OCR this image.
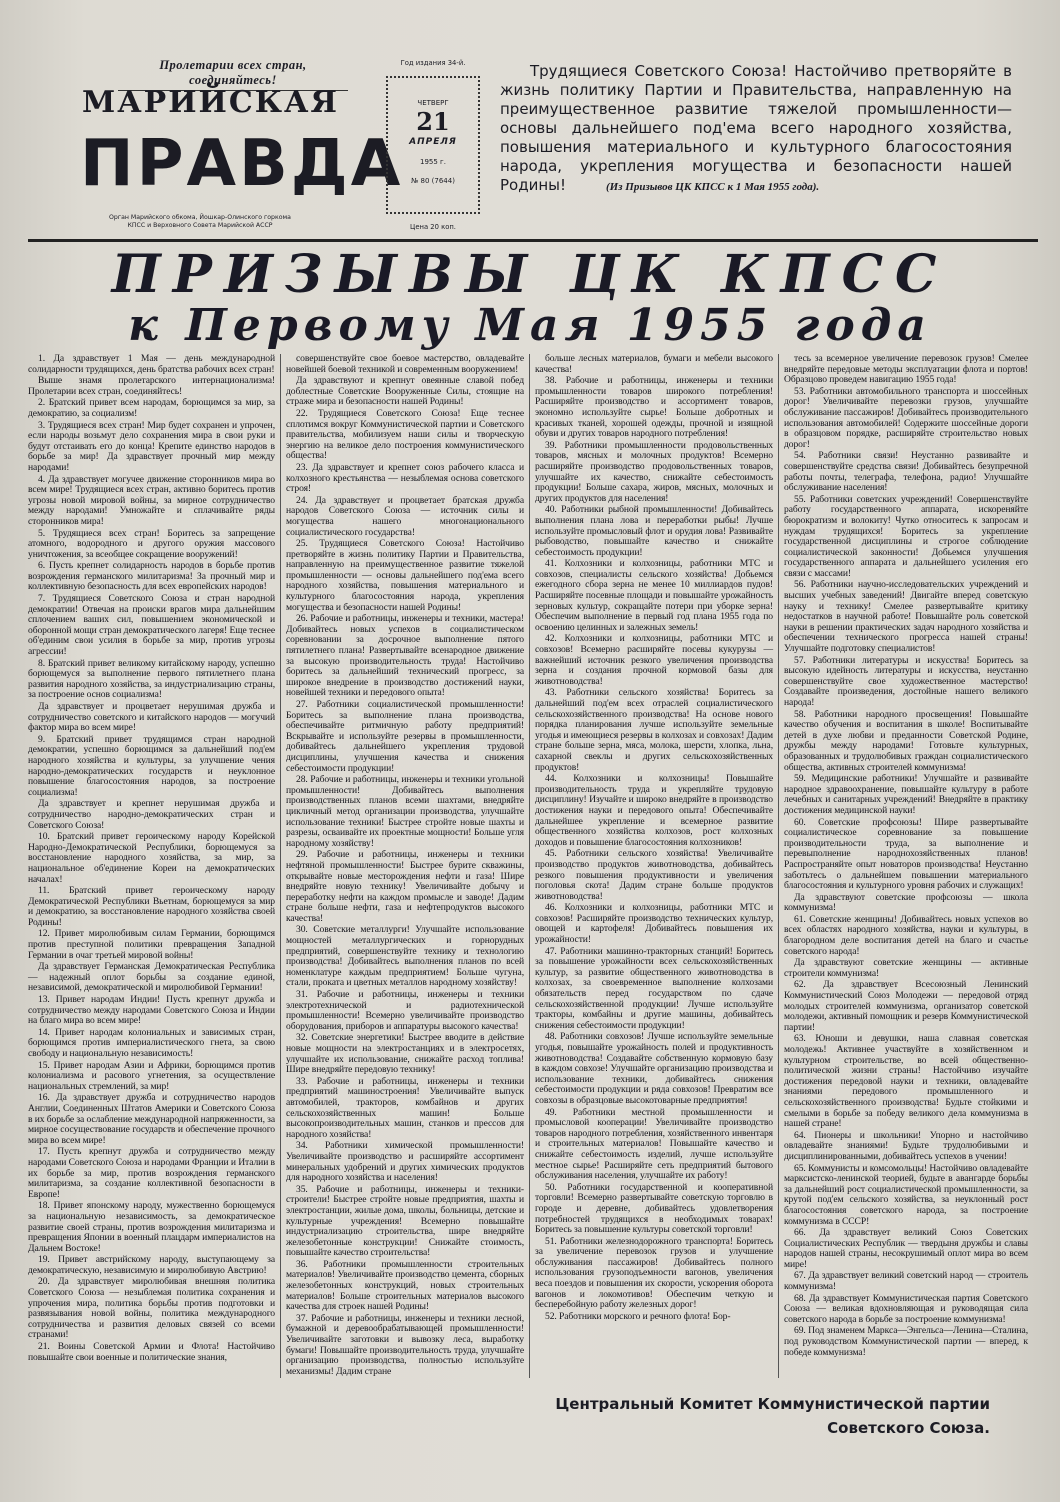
Пролетарии всех стран, соединяйтесь!
МАРИЙСКАЯ
ПРАВДА
Орган Марийского обкома, Йошкар-Олинского горкома КПСС и Верховного Совета Марийской АССР
Год издания 34-й.
ЧЕТВЕРГ
21
АПРЕЛЯ
1955 г.
№ 80 (7644)
Цена 20 коп.
Трудящиеся Советского Союза! Настойчиво претворяйте в жизнь политику Партии и Правительства, направленную на преимущественное развитие тяжелой промышленности—основы дальнейшего под'ема всего народного хозяйства, повышения материального и культурного благосостояния народа, укрепления могущества и безопасности нашей Родины!	(Из Призывов ЦК КПСС к 1 Мая 1955 года).
ПРИЗЫВЫ ЦК КПСС
к Первому Мая 1955 года

1. Да здравствует 1 Мая — день международной солидарности трудящихся, день братства рабочих всех стран!

Выше знамя пролетарского интернационализма! Пролетарии всех стран, соединяйтесь!

2. Братский привет всем народам, борющимся за мир, за демократию, за социализм!

3. Трудящиеся всех стран! Мир будет сохранен и упрочен, если народы возьмут дело сохранения мира в свои руки и будут отстаивать его до конца! Крепите единство народов в борьбе за мир! Да здравствует прочный мир между народами!

4. Да здравствует могучее движение сторонников мира во всем мире! Трудящиеся всех стран, активно боритесь против угрозы новой мировой войны, за мирное сотрудничество между народами! Умножайте и сплачивайте ряды сторонников мира!

5. Трудящиеся всех стран! Боритесь за запрещение атомного, водородного и другого оружия массового уничтожения, за всеобщее сокращение вооружений!

6. Пусть крепнет солидарность народов в борьбе против возрождения германского милитаризма! За прочный мир и коллективную безопасность для всех европейских народов!

7. Трудящиеся Советского Союза и стран народной демократии! Отвечая на происки врагов мира дальнейшим сплочением ваших сил, повышением экономической и оборонной мощи стран демократического лагеря! Еще теснее об'единим свои усилия в борьбе за мир, против угрозы агрессии!

8. Братский привет великому китайскому народу, успешно борющемуся за выполнение первого пятилетнего плана развития народного хозяйства, за индустриализацию страны, за построение основ социализма!

Да здравствует и процветает нерушимая дружба и сотрудничество советского и китайского народов — могучий фактор мира во всем мире!

9. Братский привет трудящимся стран народной демократии, успешно борющимся за дальнейший под'ем народного хозяйства и культуры, за улучшение чения народно-демократических государств и неуклонное повышение благосостояния народов, за построение социализма!

Да здравствует и крепнет нерушимая дружба и сотрудничество народно-демократических стран и Советского Союза!

10. Братский привет героическому народу Корейской Народно-Демократической Республики, борющемуся за восстановление народного хозяйства, за мир, за национальное об'единение Кореи на демократических началах!

11. Братский привет героическому народу Демократической Республики Вьетнам, борющемуся за мир и демократию, за восстановление народного хозяйства своей Родины!

12. Привет миролюбивым силам Германии, борющимся против преступной политики превращения Западной Германии в очаг третьей мировой войны!

Да здравствует Германская Демократическая Республика — надежный оплот борьбы за создание единой, независимой, демократической и миролюбивой Германии!

13. Привет народам Индии! Пусть крепнут дружба и сотрудничество между народами Советского Союза и Индии на благо мира во всем мире!

14. Привет народам колониальных и зависимых стран, борющимся против империалистического гнета, за свою свободу и национальную независимость!

15. Привет народам Азии и Африки, борющимся против колониализма и расового угнетения, за осуществление национальных стремлений, за мир!

16. Да здравствует дружба и сотрудничество народов Англии, Соединенных Штатов Америки и Советского Союза в их борьбе за ослабление международной напряженности, за мирное сосуществование государств и обеспечение прочного мира во всем мире!

17. Пусть крепнут дружба и сотрудничество между народами Советского Союза и народами Франции и Италии в их борьбе за мир, против возрождения германского милитаризма, за создание коллективной безопасности в Европе!

18. Привет японскому народу, мужественно борющемуся за национальную независимость, за демократическое развитие своей страны, против возрождения милитаризма и превращения Японии в военный плацдарм империалистов на Дальнем Востоке!

19. Привет австрийскому народу, выступающему за демократическую, независимую и миролюбивую Австрию!

20. Да здравствует миролюбивая внешняя политика Советского Союза — незыблемая политика сохранения и упрочения мира, политика борьбы против подготовки и развязывания новой войны, политика международного сотрудничества и развития деловых связей со всеми странами!

21. Воины Советской Армии и Флота! Настойчиво повышайте свои военные и политические знания,

совершенствуйте свое боевое мастерство, овладевайте новейшей боевой техникой и современным вооружением!

Да здравствуют и крепнут овеянные славой побед доблестные Советские Вооруженные Силы, стоящие на страже мира и безопасности нашей Родины!

22. Трудящиеся Советского Союза! Еще теснее сплотимся вокруг Коммунистической партии и Советского правительства, мобилизуем наши силы и творческую энергию на великое дело построения коммунистического общества!

23. Да здравствует и крепнет союз рабочего класса и колхозного крестьянства — незыблемая основа советского строя!

24. Да здравствует и процветает братская дружба народов Советского Союза — источник силы и могущества нашего многонационального социалистического государства!

25. Трудящиеся Советского Союза! Настойчиво претворяйте в жизнь политику Партии и Правительства, направленную на преимущественное развитие тяжелой промышленности — основы дальнейшего под'ема всего народного хозяйства, повышения материального и культурного благосостояния народа, укрепления могущества и безопасности нашей Родины!

26. Рабочие и работницы, инженеры и техники, мастера! Добивайтесь новых успехов в социалистическом соревновании за досрочное выполнение пятого пятилетнего плана! Развертывайте всенародное движение за высокую производительность труда! Настойчиво боритесь за дальнейший технический прогресс, за широкое внедрение в производство достижений науки, новейшей техники и передового опыта!

27. Работники социалистической промышленности! Боритесь за выполнение плана производства, обеспечивайте ритмичную работу предприятий! Вскрывайте и используйте резервы в промышленности, добивайтесь дальнейшего укрепления трудовой дисциплины, улучшения качества и снижения себестоимости продукции!

28. Рабочие и работницы, инженеры и техники угольной промышленности! Добивайтесь выполнения производственных планов всеми шахтами, внедряйте цикличный метод организации производства, улучшайте использование техники! Быстрее стройте новые шахты и разрезы, осваивайте их проектные мощности! Больше угля народному хозяйству!

29. Рабочие и работницы, инженеры и техники нефтяной промышленности! Быстрее бурите скважины, открывайте новые месторождения нефти и газа! Шире внедряйте новую технику! Увеличивайте добычу и переработку нефти на каждом промысле и заводе! Дадим стране больше нефти, газа и нефтепродуктов высокого качества!

30. Советские металлурги! Улучшайте использование мощностей металлургических и горнорудных предприятий, совершенствуйте технику и технологию производства! Добивайтесь выполнения планов по всей номенклатуре каждым предприятием! Больше чугуна, стали, проката и цветных металлов народному хозяйству!

31. Рабочие и работницы, инженеры и техники электротехнической и радиотехнической промышленности! Всемерно увеличивайте производство оборудования, приборов и аппаратуры высокого качества!

32. Советские энергетики! Быстрее вводите в действие новые мощности на электростанциях и в электросетях, улучшайте их использование, снижайте расход топлива! Шире внедряйте передовую технику!

33. Рабочие и работницы, инженеры и техники предприятий машиностроения! Увеличивайте выпуск автомобилей, тракторов, комбайнов и других сельскохозяйственных машин! Больше высокопроизводительных машин, станков и прессов для народного хозяйства!

34. Работники химической промышленности! Увеличивайте производство и расширяйте ассортимент минеральных удобрений и других химических продуктов для народного хозяйства и населения!

35. Рабочие и работницы, инженеры и техники-строители! Быстрее стройте новые предприятия, шахты и электростанции, жилые дома, школы, больницы, детские и культурные учреждения! Всемерно повышайте индустриализацию строительства, шире внедряйте железобетонные конструкции! Снижайте стоимость, повышайте качество строительства!

36. Работники промышленности строительных материалов! Увеличивайте производство цемента, сборных железобетонных конструкций, новых строительных материалов! Больше строительных материалов высокого качества для строек нашей Родины!

37. Рабочие и работницы, инженеры и техники лесной, бумажной и деревообрабатывающей промышленности! Увеличивайте заготовки и вывозку леса, выработку бумаги! Повышайте производительность труда, улучшайте организацию производства, полностью используйте механизмы! Дадим стране

больше лесных материалов, бумаги и мебели высокого качества!

38. Рабочие и работницы, инженеры и техники промышленности товаров широкого потребления! Расширяйте производство и ассортимент товаров, экономно используйте сырье! Больше добротных и красивых тканей, хорошей одежды, прочной и изящной обуви и других товаров народного потребления!

39. Работники промышленности продовольственных товаров, мясных и молочных продуктов! Всемерно расширяйте производство продовольственных товаров, улучшайте их качество, снижайте себестоимость продукции! Больше сахара, жиров, мясных, молочных и других продуктов для населения!

40. Работники рыбной промышленности! Добивайтесь выполнения плана лова и переработки рыбы! Лучше используйте промысловый флот и орудия лова! Развивайте рыбоводство, повышайте качество и снижайте себестоимость продукции!

41. Колхозники и колхозницы, работники МТС и совхозов, специалисты сельского хозяйства! Добьемся ежегодного сбора зерна не менее 10 миллиардов пудов! Расширяйте посевные площади и повышайте урожайность зерновых культур, сокращайте потери при уборке зерна! Обеспечим выполнение в первый год плана 1955 года по освоению целинных и залежных земель!

42. Колхозники и колхозницы, работники МТС и совхозов! Всемерно расширяйте посевы кукурузы — важнейший источник резкого увеличения производства зерна и создания прочной кормовой базы для животноводства!

43. Работники сельского хозяйства! Боритесь за дальнейший под'ем всех отраслей социалистического сельскохозяйственного производства! На основе нового порядка планирования лучше используйте земельные угодья и имеющиеся резервы в колхозах и совхозах! Дадим стране больше зерна, мяса, молока, шерсти, хлопка, льна, сахарной свеклы и других сельскохозяйственных продуктов!

44. Колхозники и колхозницы! Повышайте производительность труда и укрепляйте трудовую дисциплину! Изучайте и широко внедряйте в производство достижения науки и передового опыта! Обеспечивайте дальнейшее укрепление и всемерное развитие общественного хозяйства колхозов, рост колхозных доходов и повышение благосостояния колхозников!

45. Работники сельского хозяйства! Увеличивайте производство продуктов животноводства, добивайтесь резкого повышения продуктивности и увеличения поголовья скота! Дадим стране больше продуктов животноводства!

46. Колхозники и колхозницы, работники МТС и совхозов! Расширяйте производство технических культур, овощей и картофеля! Добивайтесь повышения их урожайности!

47. Работники машинно-тракторных станций! Боритесь за повышение урожайности всех сельскохозяйственных культур, за развитие общественного животноводства в колхозах, за своевременное выполнение колхозами обязательств перед государством по сдаче сельскохозяйственной продукции! Лучше используйте тракторы, комбайны и другие машины, добивайтесь снижения себестоимости продукции!

48. Работники совхозов! Лучше используйте земельные угодья, повышайте урожайность полей и продуктивность животноводства! Создавайте собственную кормовую базу в каждом совхозе! Улучшайте организацию производства и использование техники, добивайтесь снижения себестоимости продукции и ряда совхозов! Превратим все совхозы в образцовые высокотоварные предприятия!

49. Работники местной промышленности и промысловой кооперации! Увеличивайте производство товаров народного потребления, хозяйственного инвентаря и строительных материалов! Повышайте качество и снижайте себестоимость изделий, лучше используйте местное сырье! Расширяйте сеть предприятий бытового обслуживания населения, улучшайте их работу!

50. Работники государственной и кооперативной торговли! Всемерно развертывайте советскую торговлю в городе и деревне, добивайтесь удовлетворения потребностей трудящихся в необходимых товарах! Боритесь за повышение культуры советской торговли!

51. Работники железнодорожного транспорта! Боритесь за увеличение перевозок грузов и улучшение обслуживания пассажиров! Добивайтесь полного использования грузоподъемности вагонов, увеличения веса поездов и повышения их скорости, ускорения оборота вагонов и локомотивов! Обеспечим четкую и бесперебойную работу железных дорог!

52. Работники морского и речного флота! Бор-

тесь за всемерное увеличение перевозок грузов! Смелее внедряйте передовые методы эксплуатации флота и портов! Образцово проведем навигацию 1955 года!

53. Работники автомобильного транспорта и шоссейных дорог! Увеличивайте перевозки грузов, улучшайте обслуживание пассажиров! Добивайтесь производительного использования автомобилей! Содержите шоссейные дороги в образцовом порядке, расширяйте строительство новых дорог!

54. Работники связи! Неустанно развивайте и совершенствуйте средства связи! Добивайтесь безупречной работы почты, телеграфа, телефона, радио! Улучшайте обслуживание населения!

55. Работники советских учреждений! Совершенствуйте работу государственного аппарата, искореняйте бюрократизм и волокиту! Чутко относитесь к запросам и нуждам трудящихся! Боритесь за укрепление государственной дисциплины и строгое соблюдение социалистической законности! Добьемся улучшения государственного аппарата и дальнейшего усиления его связи с массами!

56. Работники научно-исследовательских учреждений и высших учебных заведений! Двигайте вперед советскую науку и технику! Смелее развертывайте критику недостатков в научной работе! Повышайте роль советской науки в решении практических задач народного хозяйства и обеспечении технического прогресса нашей страны! Улучшайте подготовку специалистов!

57. Работники литературы и искусства! Боритесь за высокую идейность литературы и искусства, неустанно совершенствуйте свое художественное мастерство! Создавайте произведения, достойные нашего великого народа!

58. Работники народного просвещения! Повышайте качество обучения и воспитания в школе! Воспитывайте детей в духе любви и преданности Советской Родине, дружбы между народами! Готовьте культурных, образованных и трудолюбивых граждан социалистического общества, активных строителей коммунизма!

59. Медицинские работники! Улучшайте и развивайте народное здравоохранение, повышайте культуру в работе лечебных и санитарных учреждений! Внедряйте в практику достижения медицинской науки!

60. Советские профсоюзы! Шире развертывайте социалистическое соревнование за повышение производительности труда, за выполнение и перевыполнение народнохозяйственных планов! Распространяйте опыт новаторов производства! Неустанно заботьтесь о дальнейшем повышении материального благосостояния и культурного уровня рабочих и служащих!

Да здравствуют советские профсоюзы — школа коммунизма!

61. Советские женщины! Добивайтесь новых успехов во всех областях народного хозяйства, науки и культуры, в благородном деле воспитания детей на благо и счастье советского народа!

Да здравствуют советские женщины — активные строители коммунизма!

62. Да здравствует Всесоюзный Ленинский Коммунистический Союз Молодежи — передовой отряд молодых строителей коммунизма, организатор советской молодежи, активный помощник и резерв Коммунистической партии!

63. Юноши и девушки, наша славная советская молодежь! Активнее участвуйте в хозяйственном и культурном строительстве, во всей общественно-политической жизни страны! Настойчиво изучайте достижения передовой науки и техники, овладевайте знаниями передового промышленного и сельскохозяйственного производства! Будьте стойкими и смелыми в борьбе за победу великого дела коммунизма в нашей стране!

64. Пионеры и школьники! Упорно и настойчиво овладевайте знаниями! Будьте трудолюбивыми и дисциплинированными, добивайтесь успехов в учении!

65. Коммунисты и комсомольцы! Настойчиво овладевайте марксистско-ленинской теорией, будьте в авангарде борьбы за дальнейший рост социалистической промышленности, за крутой под'ем сельского хозяйства, за неуклонный рост благосостояния советского народа, за построение коммунизма в СССР!

66. Да здравствует великий Союз Советских Социалистических Республик — твердыня дружбы и славы народов нашей страны, несокрушимый оплот мира во всем мире!

67. Да здравствует великий советский народ — строитель коммунизма!

68. Да здравствует Коммунистическая партия Советского Союза — великая вдохновляющая и руководящая сила советского народа в борьбе за построение коммунизма!

69. Под знаменем Маркса—Энгельса—Ленина—Сталина, под руководством Коммунистической партии — вперед, к победе коммунизма!

Центральный Комитет Коммунистической партии
Советского Союза.
